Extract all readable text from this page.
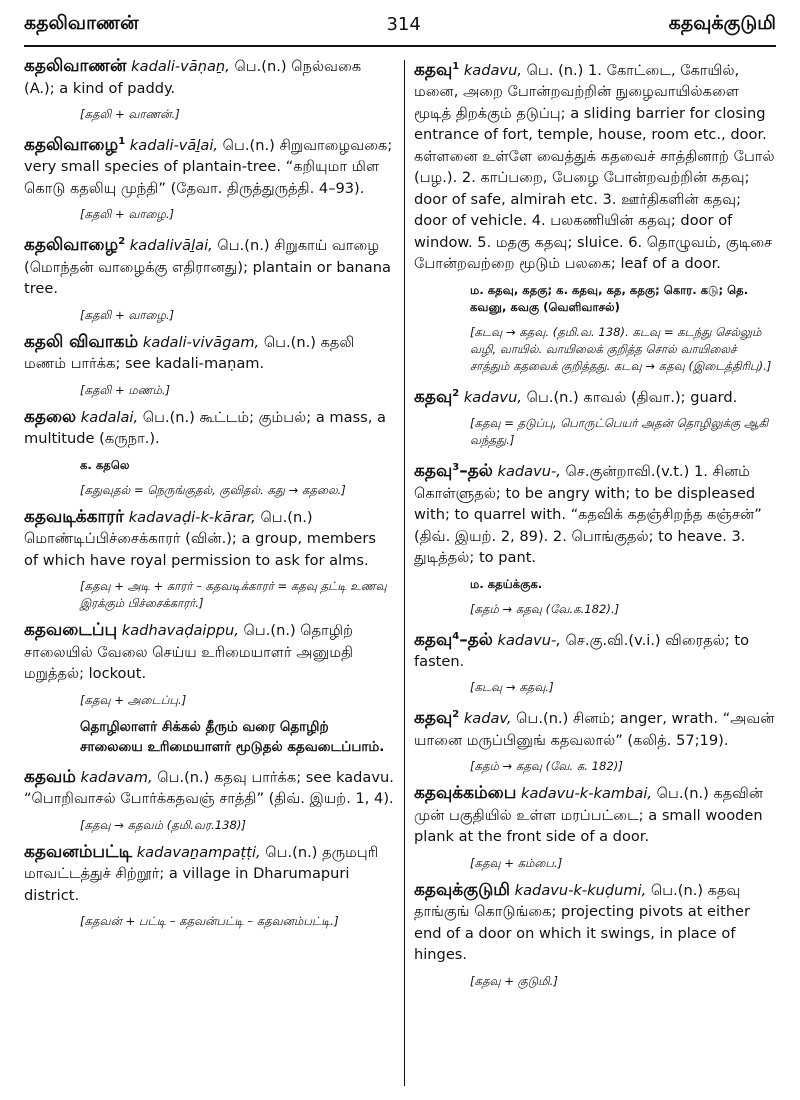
கதலிவாணன்	314	கதவுக்குடுமி
கதலிவாணன் kadali-vāṇaṉ, பெ.(n.) நெல்வகை (A.); a kind of paddy.
[கதலி + வாணன்.]
கதலிவாழை$^1$ kadali-vāḻai, பெ.(n.) சிறுவாழைவகை; very small species of plantain-tree. “கறியுமா மிள கொடு கதலியு முந்தி” (தேவா. திருத்துருத்தி. 4–93).
[கதலி + வாழை.]
கதலிவாழை$^2$ kadalivāḻai, பெ.(n.) சிறுகாய் வாழை (மொந்தன் வாழைக்கு எதிரானது); plantain or banana tree.
[கதலி + வாழை.]
கதலி விவாகம் kadali-vivāgam, பெ.(n.) கதலி மணம் பார்க்க; see kadali-maṇam.
[கதலி + மணம்.]
கதலை kadalai, பெ.(n.) கூட்டம்; கும்பல்; a mass, a multitude (கருநா.).
க. கதலெ
[கதுவுதல் = நெருங்குதல், குவிதல். கது → கதலை.]
கதவடிக்காரர் kadavaḍi-k-kārar, பெ.(n.) மொண்டிப்பிச்சைக்காரர் (வின்.); a group, members of which have royal permission to ask for alms.
[கதவு + அடி + காரர் – கதவடிக்காரர் = கதவு தட்டி உணவு இரக்கும் பிச்சைக்காரர்.]
கதவடைப்பு kadhavaḍaippu, பெ.(n.) தொழிற் சாலையில் வேலை செய்ய உரிமையாளர் அனுமதி மறுத்தல்; lockout.
[கதவு + அடைப்பு.]
தொழிலாளர் சிக்கல் தீரும் வரை தொழிற் சாலையை உரிமையாளர் மூடுதல் கதவடைப்பாம்.
கதவம் kadavam, பெ.(n.) கதவு பார்க்க; see kadavu. “பொறிவாசல் போர்க்கதவஞ் சாத்தி” (திவ். இயற். 1, 4).
[கதவு → கதவம் (தமி.வர.138)]
கதவனம்பட்டி kadavaṉampaṭṭi, பெ.(n.) தருமபுரி மாவட்டத்துச் சிற்றூர்; a village in Dharumapuri district.
[கதவன் + பட்டி – கதவன்பட்டி – கதவனம்பட்டி.]
கதவு$^1$ kadavu, பெ. (n.) 1. கோட்டை, கோயில், மனை, அறை போன்றவற்றின் நுழைவாயில்களை மூடித் திறக்கும் தடுப்பு; a sliding barrier for closing entrance of fort, temple, house, room etc., door. கள்ளனை உள்ளே வைத்துக் கதவைச் சாத்தினாற் போல் (பழ.). 2. காப்பறை, பேழை போன்றவற்றின் கதவு; door of safe, almirah etc. 3. ஊர்திகளின் கதவு; door of vehicle. 4. பலகணியின் கதவு; door of window. 5. மதகு கதவு; sluice. 6. தொழுவம், குடிசை போன்றவற்றை மூடும் பலகை; leaf of a door.
ம. கதவு, கதகு; க. கதவு, கத, கதகு; கொர. கடு; தெ. கவனு, கவகு (வெளிவாசல்)
[கடவு → கதவு. (தமி.வ. 138). கடவு = கடந்து செல்லும் வழி, வாயில். வாயிலைக் குறித்த சொல் வாயிலைச் சாத்தும் கதவைக் குறித்தது. கடவு → கதவு (இடைத்திரிபு).]
கதவு$^2$ kadavu, பெ.(n.) காவல் (திவா.); guard.
[கதவு = தடுப்பு, பொருட்பெயர் அதன் தொழிலுக்கு ஆகி வந்தது.]
கதவு$^3$–தல் kadavu-, செ.குன்றாவி.(v.t.) 1. சினம் கொள்ளுதல்; to be angry with; to be displeased with; to quarrel with. “கதவிக் கதஞ்சிறந்த கஞ்சன்” (திவ். இயற். 2, 89). 2. பொங்குதல்; to heave. 3. துடித்தல்; to pant.
ம. கதய்க்குக.
[கதம் → கதவு (வே.க.182).]
கதவு$^4$–தல் kadavu-, செ.கு.வி.(v.i.) விரைதல்; to fasten.
[கடவு → கதவு.]
கதவு$^2$ kadav, பெ.(n.) சினம்; anger, wrath. “அவன் யானை மருப்பினுங் கதவலால்” (கலித். 57;19).
[கதம் → கதவு (வே. க. 182)]
கதவுக்கம்பை kadavu-k-kambai, பெ.(n.) கதவின் முன் பகுதியில் உள்ள மரப்பட்டை; a small wooden plank at the front side of a door.
[கதவு + கம்பை.]
கதவுக்குடுமி kadavu-k-kuḍumi, பெ.(n.) கதவு தாங்குங் கொடுங்கை; projecting pivots at either end of a door on which it swings, in place of hinges.
[கதவு + குடுமி.]
